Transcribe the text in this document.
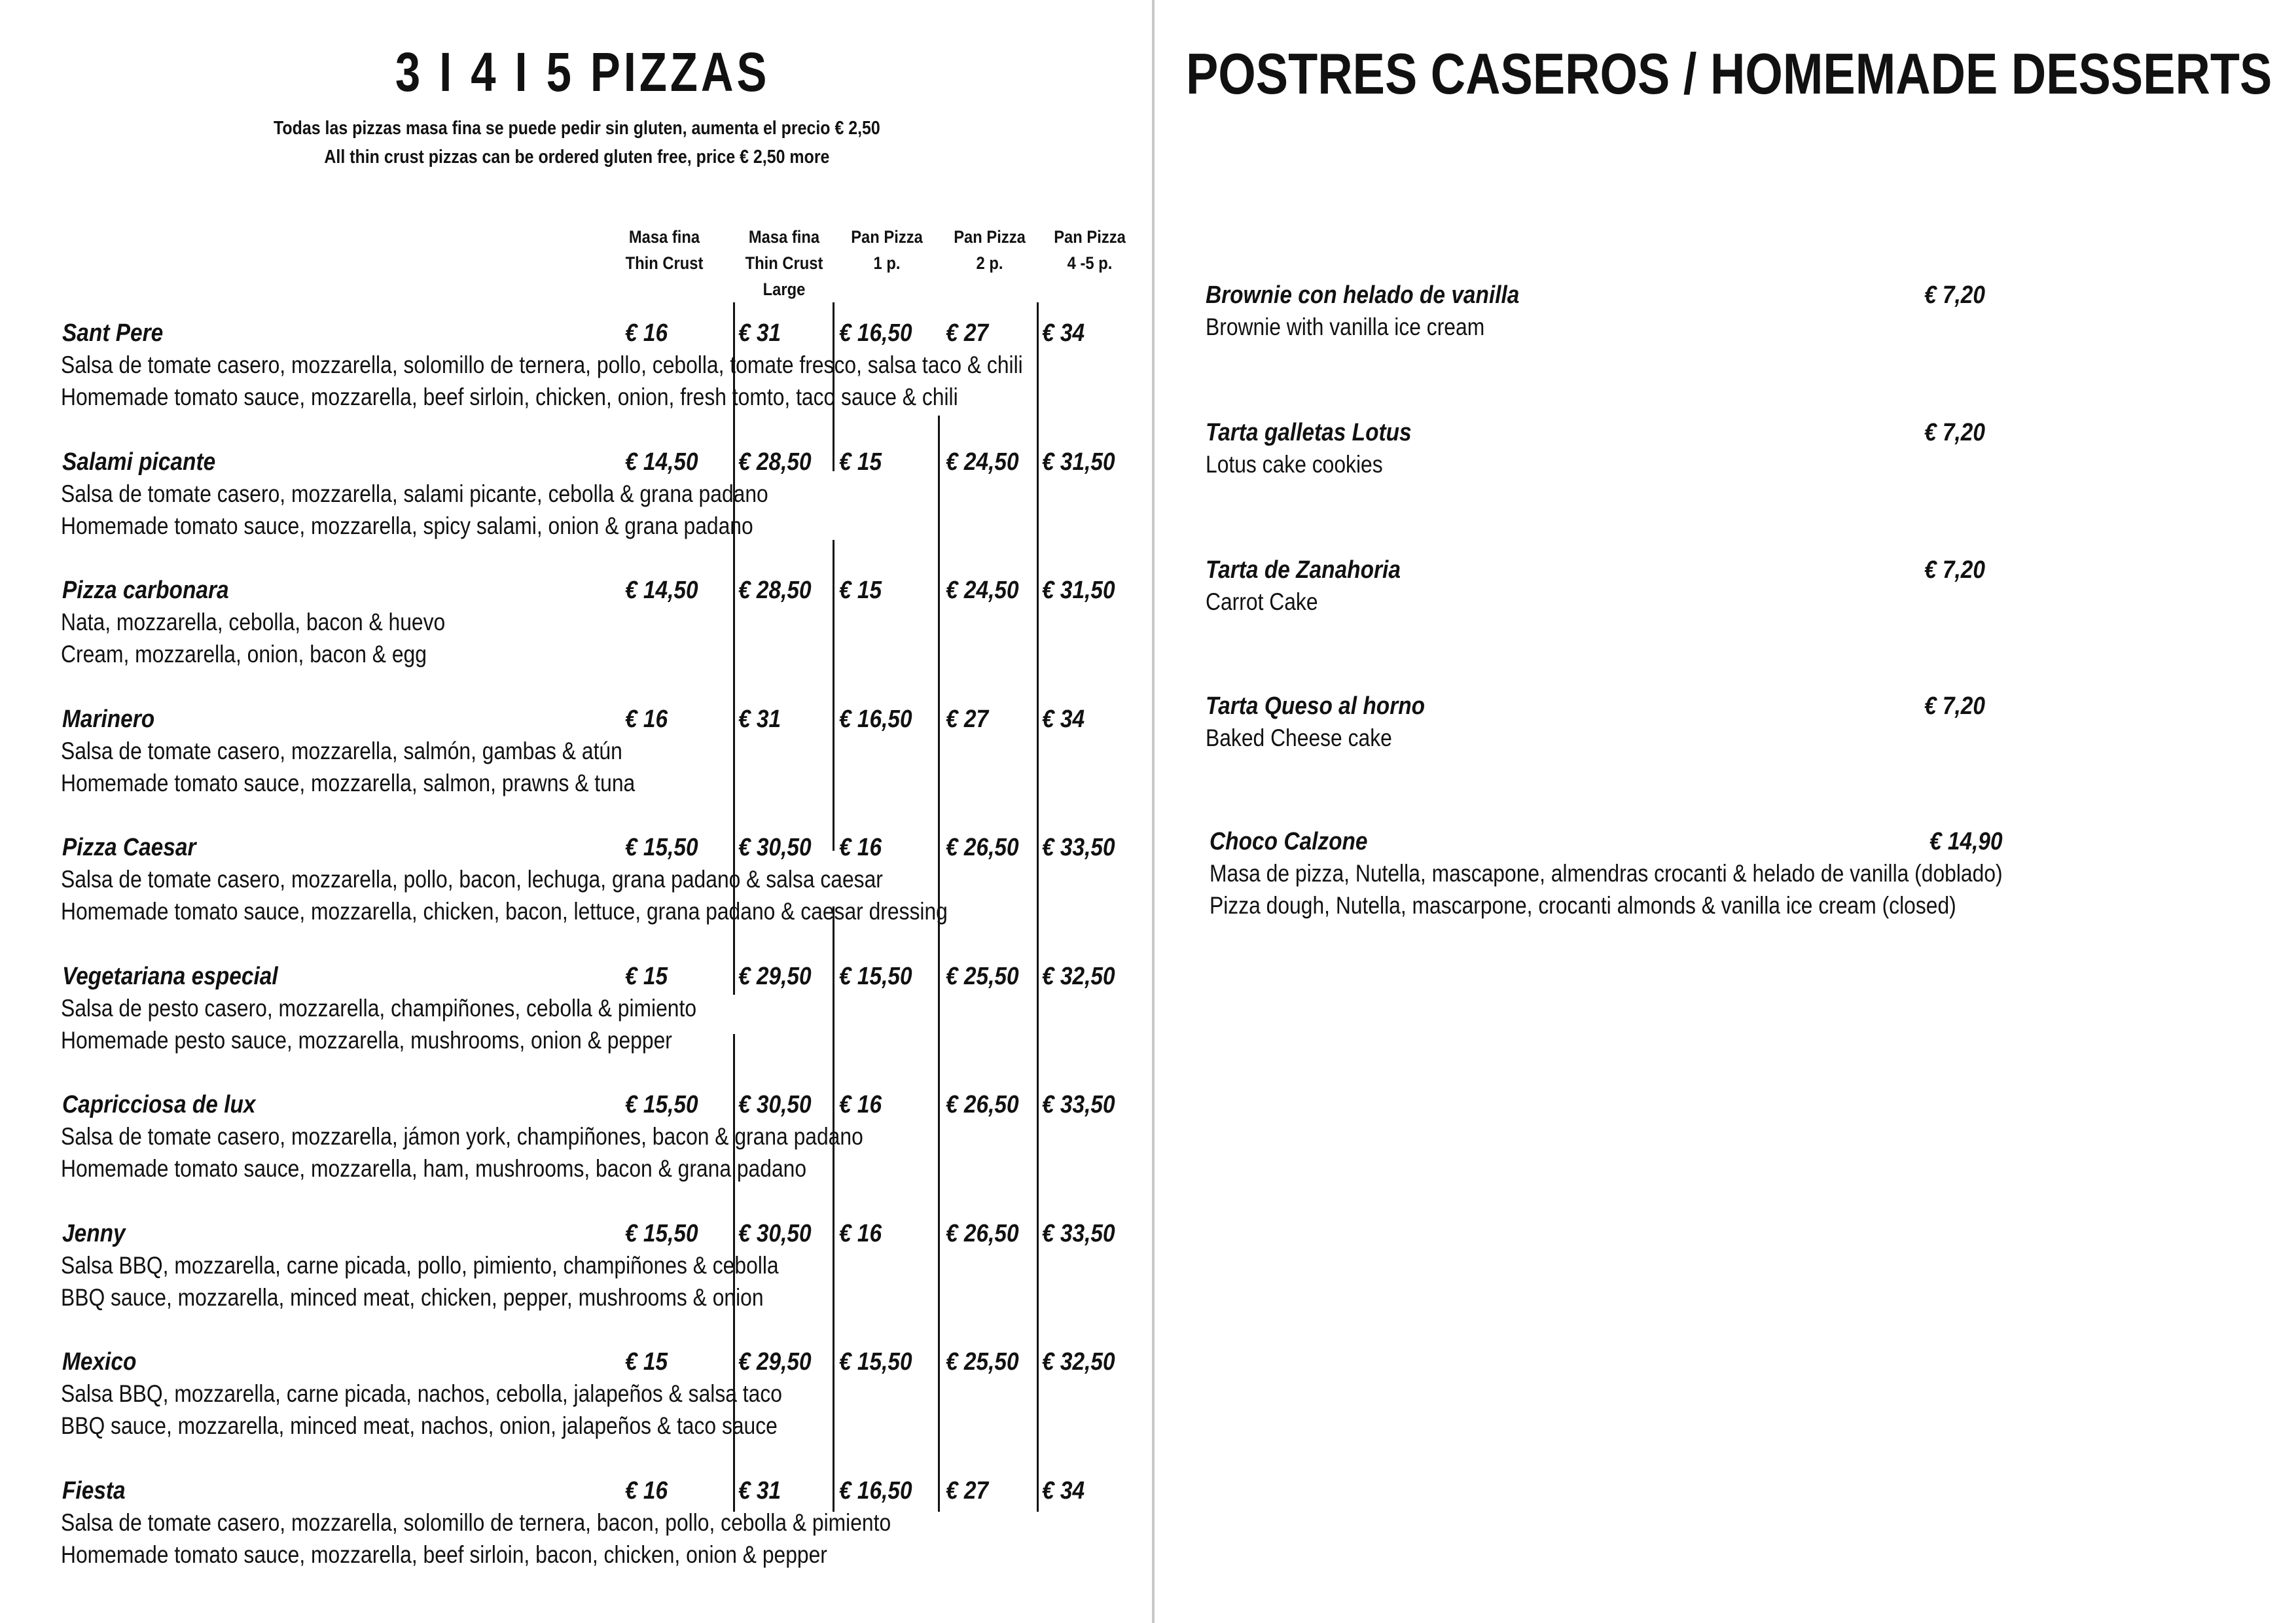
3 I 4 I 5 PIZZAS
Todas las pizzas masa fina se puede pedir sin gluten, aumenta el precio € 2,50
All thin crust pizzas can be ordered gluten free, price € 2,50 more
Masa fina
Thin Crust
Masa fina
Thin Crust
Large
Pan Pizza
1 p.
Pan Pizza
2 p.
Pan Pizza
4 -5 p.
Sant Pere	€ 16	€ 31 € 16,50 € 27 € 34
Salsa de tomate casero, mozzarella, solomillo de ternera, pollo, cebolla, tomate fresco, salsa taco & chili
Homemade tomato sauce, mozzarella, beef sirloin, chicken, onion, fresh tomto, taco sauce & chili
Salami picante	€ 14,50 € 28,50 € 15	€ 24,50 € 31,50
Salsa de tomate casero, mozzarella, salami picante, cebolla & grana padano
Homemade tomato sauce, mozzarella, spicy salami, onion & grana padano
Pizza carbonara	€ 14,50 € 28,50 € 15	€ 24,50 € 31,50
Nata, mozzarella, cebolla, bacon & huevo
Cream, mozzarella, onion, bacon & egg
Marinero	€ 16	€ 31 € 16,50 € 27 € 34
Salsa de tomate casero, mozzarella, salmón, gambas & atún
Homemade tomato sauce, mozzarella, salmon, prawns & tuna
Pizza Caesar	€ 15,50 € 30,50 € 16	€ 26,50 € 33,50
Salsa de tomate casero, mozzarella, pollo, bacon, lechuga, grana padano & salsa caesar
Homemade tomato sauce, mozzarella, chicken, bacon, lettuce, grana padano & caesar dressing
Vegetariana especial	€ 15	€ 29,50 € 15,50 € 25,50 € 32,50
Salsa de pesto casero, mozzarella, champiñones, cebolla & pimiento
Homemade pesto sauce, mozzarella, mushrooms, onion & pepper
Capricciosa de lux	€ 15,50 € 30,50 € 16	€ 26,50 € 33,50
Salsa de tomate casero, mozzarella, jámon york, champiñones, bacon & grana padano
Homemade tomato sauce, mozzarella, ham, mushrooms, bacon & grana padano
Jenny	€ 15,50 € 30,50 € 16	€ 26,50 € 33,50
Salsa BBQ, mozzarella, carne picada, pollo, pimiento, champiñones & cebolla
BBQ sauce, mozzarella, minced meat, chicken, pepper, mushrooms & onion
Mexico	€ 15	€ 29,50 € 15,50 € 25,50 € 32,50
Salsa BBQ, mozzarella, carne picada, nachos, cebolla, jalapeños & salsa taco
BBQ sauce, mozzarella, minced meat, nachos, onion, jalapeños & taco sauce
Fiesta	€ 16	€ 31 € 16,50 € 27 € 34
Salsa de tomate casero, mozzarella, solomillo de ternera, bacon, pollo, cebolla & pimiento
Homemade tomato sauce, mozzarella, beef sirloin, bacon, chicken, onion & pepper
POSTRES CASEROS / HOMEMADE DESSERTS
Brownie con helado de vanilla	€ 7,20
Brownie with vanilla ice cream
Tarta galletas Lotus	€ 7,20
Lotus cake cookies
Tarta de Zanahoria	€ 7,20
Carrot Cake
Tarta Queso al horno	€ 7,20
Baked Cheese cake
Choco Calzone	€ 14,90
Masa de pizza, Nutella, mascapone, almendras crocanti & helado de vanilla (doblado)
Pizza dough, Nutella, mascarpone, crocanti almonds & vanilla ice cream (closed)
